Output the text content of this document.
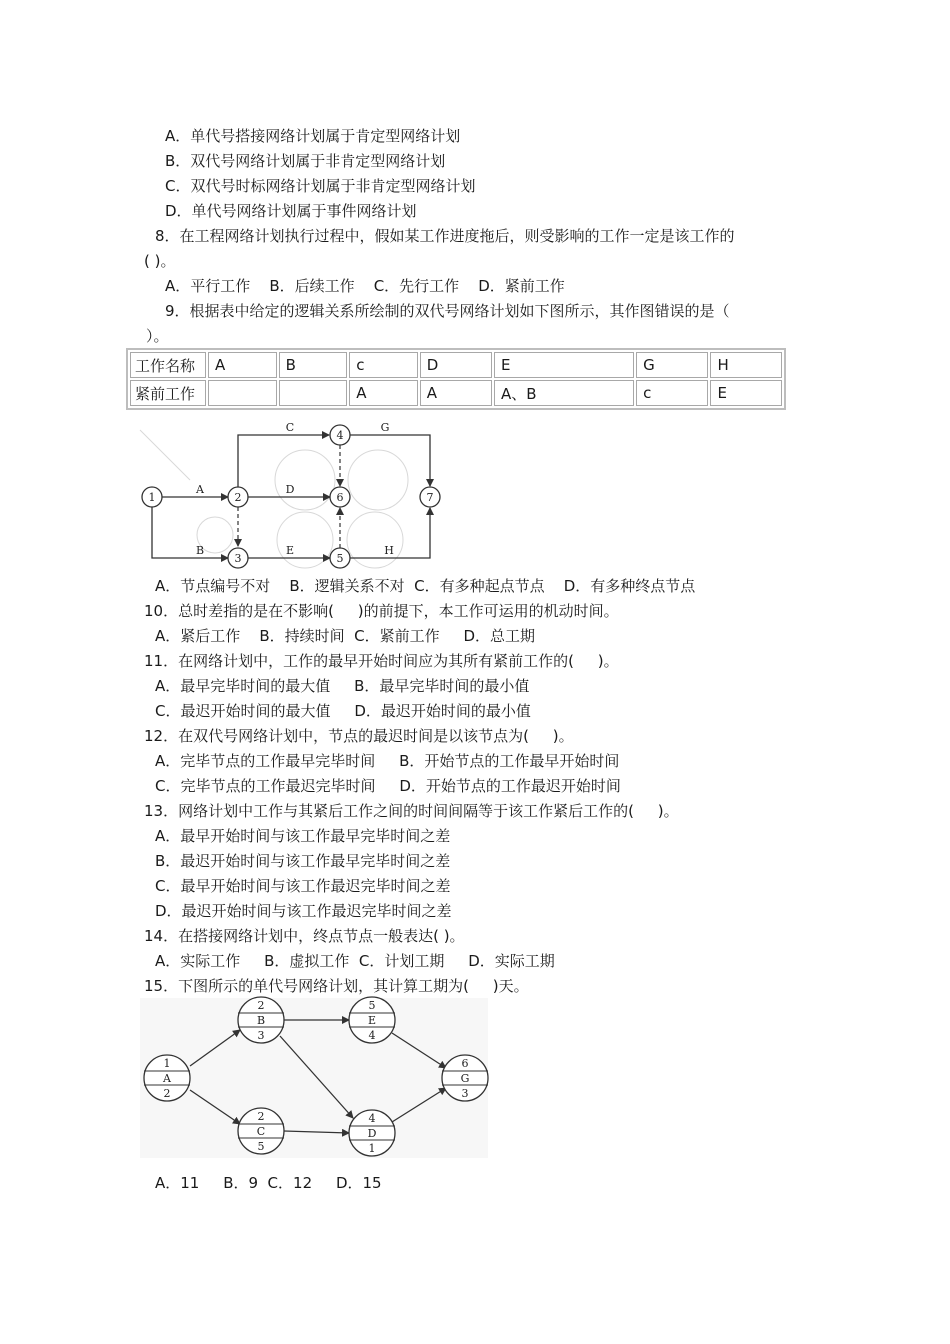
A．单代号搭接网络计划属于肯定型网络计划
B．双代号网络计划属于非肯定型网络计划
C．双代号时标网络计划属于非肯定型网络计划
D．单代号网络计划属于事件网络计划
8．在工程网络计划执行过程中，假如某工作进度拖后，则受影响的工作一定是该工作的
( )。
A．平行工作    B．后续工作    C．先行工作    D．紧前工作
9．根据表中给定的逻辑关系所绘制的双代号网络计划如下图所示，其作图错误的是（
）。
工作名称	A	B	c	D	E	G	H
紧前工作			A	A	A、B	c	E
1	2
3
4
5
6	7
A
B
C
D
E
G
H
A．节点编号不对    B．逻辑关系不对  C．有多种起点节点    D．有多种终点节点
10．总时差指的是在不影响(     )的前提下，本工作可运用的机动时间。
A．紧后工作    B．持续时间  C．紧前工作     D．总工期
11．在网络计划中，工作的最早开始时间应为其所有紧前工作的(     )。
A．最早完毕时间的最大值     B．最早完毕时间的最小值
C．最迟开始时间的最大值     D．最迟开始时间的最小值
12．在双代号网络计划中，节点的最迟时间是以该节点为(     )。
A．完毕节点的工作最早完毕时间     B．开始节点的工作最早开始时间
C．完毕节点的工作最迟完毕时间     D．开始节点的工作最迟开始时间
13．网络计划中工作与其紧后工作之间的时间间隔等于该工作紧后工作的(     )。
A．最早开始时间与该工作最早完毕时间之差
B．最迟开始时间与该工作最早完毕时间之差
C．最早开始时间与该工作最迟完毕时间之差
D．最迟开始时间与该工作最迟完毕时间之差
14．在搭接网络计划中，终点节点一般表达( )。
A．实际工作     B．虚拟工作  C．计划工期     D．实际工期
15．下图所示的单代号网络计划，其计算工期为(     )天。
1
A
2
2
B
3
2
C
5
5
E
4
4
D
1
6
G
3
A．11     B．9  C．12     D．15
